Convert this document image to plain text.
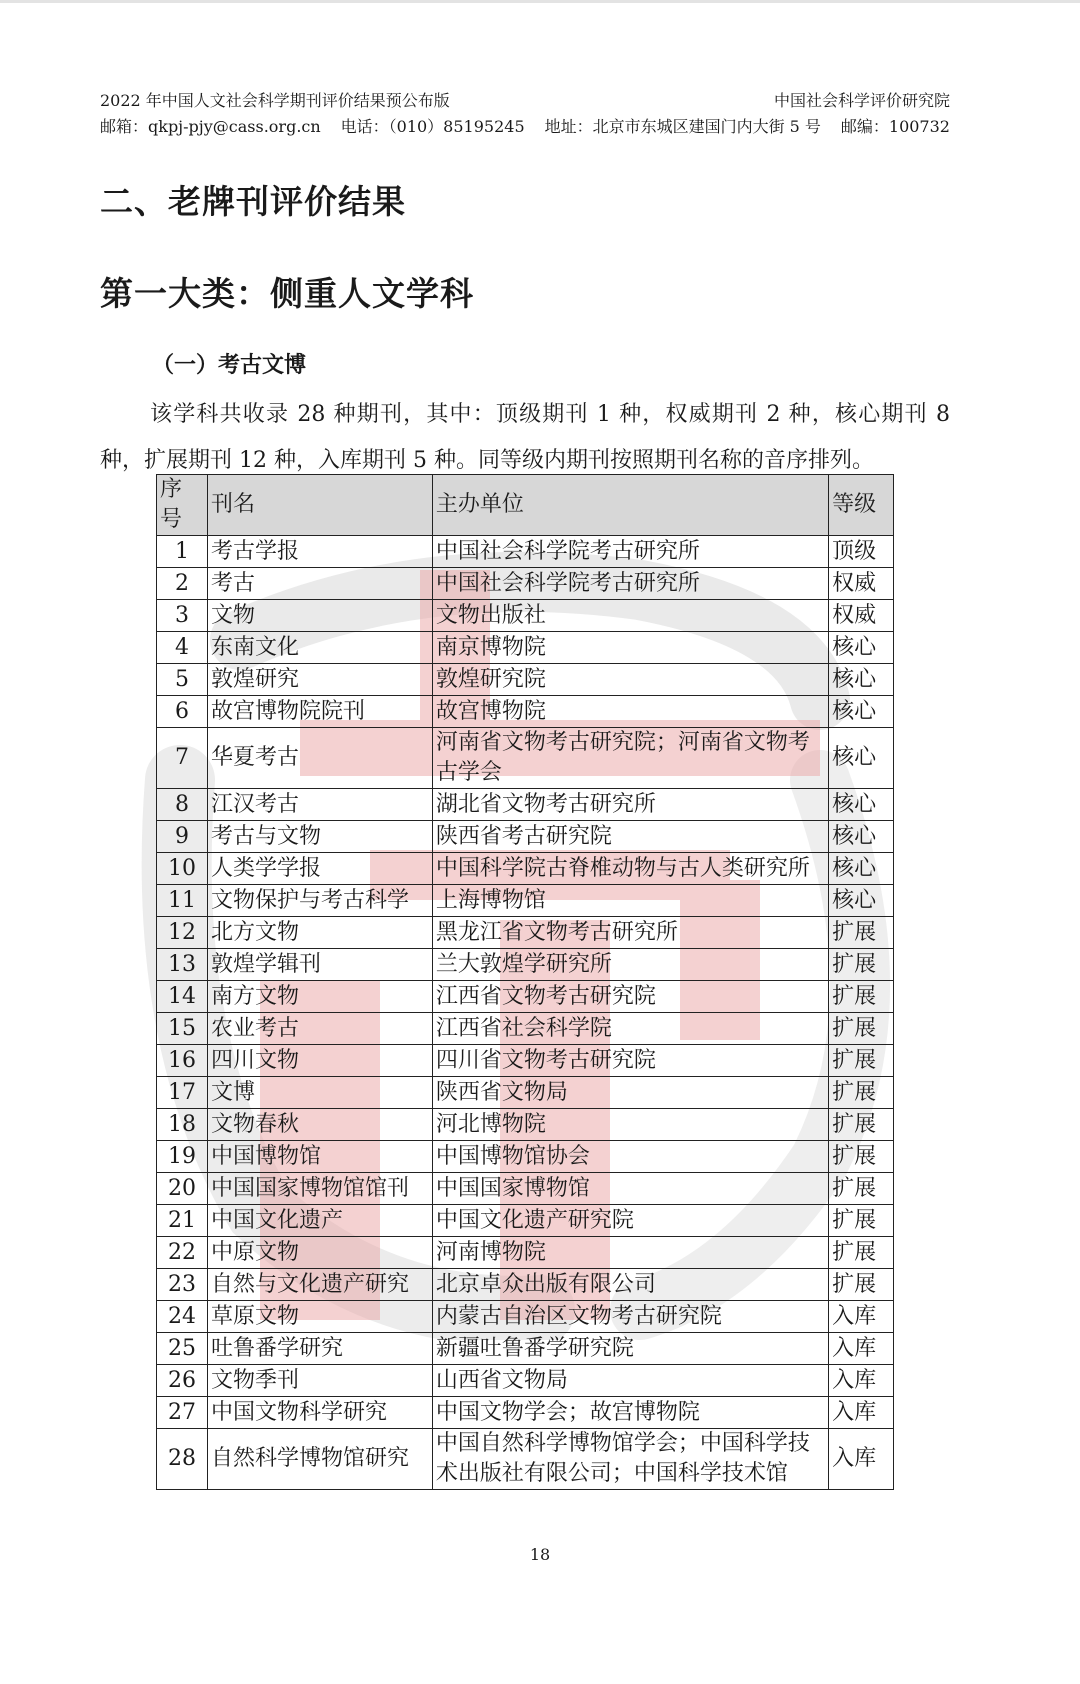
2022 年中国人文社会科学期刊评价结果预公布版	中国社会科学评价研究院
邮箱：qkpj-pjy@cass.org.cn 电话：（010）85195245 地址：北京市东城区建国门内大街 5 号 邮编：100732
二、老牌刊评价结果
第一大类：侧重人文学科
（一）考古文博

该学科共收录 28 种期刊，其中：顶级期刊 1 种，权威期刊 2 种，核心期刊 8 种，扩展期刊 12 种，入库期刊 5 种。同等级内期刊按照期刊名称的音序排列。

序号	刊名	主办单位	等级
1	考古学报	中国社会科学院考古研究所	顶级
2	考古	中国社会科学院考古研究所	权威
3	文物	文物出版社	权威
4	东南文化	南京博物院	核心
5	敦煌研究	敦煌研究院	核心
6	故宫博物院院刊	故宫博物院	核心
7	华夏考古	河南省文物考古研究院；河南省文物考古学会	核心
8	江汉考古	湖北省文物考古研究所	核心
9	考古与文物	陕西省考古研究院	核心
10	人类学学报	中国科学院古脊椎动物与古人类研究所	核心
11	文物保护与考古科学	上海博物馆	核心
12	北方文物	黑龙江省文物考古研究所	扩展
13	敦煌学辑刊	兰大敦煌学研究所	扩展
14	南方文物	江西省文物考古研究院	扩展
15	农业考古	江西省社会科学院	扩展
16	四川文物	四川省文物考古研究院	扩展
17	文博	陕西省文物局	扩展
18	文物春秋	河北博物院	扩展
19	中国博物馆	中国博物馆协会	扩展
20	中国国家博物馆馆刊	中国国家博物馆	扩展
21	中国文化遗产	中国文化遗产研究院	扩展
22	中原文物	河南博物院	扩展
23	自然与文化遗产研究	北京卓众出版有限公司	扩展
24	草原文物	内蒙古自治区文物考古研究院	入库
25	吐鲁番学研究	新疆吐鲁番学研究院	入库
26	文物季刊	山西省文物局	入库
27	中国文物科学研究	中国文物学会；故宫博物院	入库
28	自然科学博物馆研究	中国自然科学博物馆学会；中国科学技术出版社有限公司；中国科学技术馆	入库
18
